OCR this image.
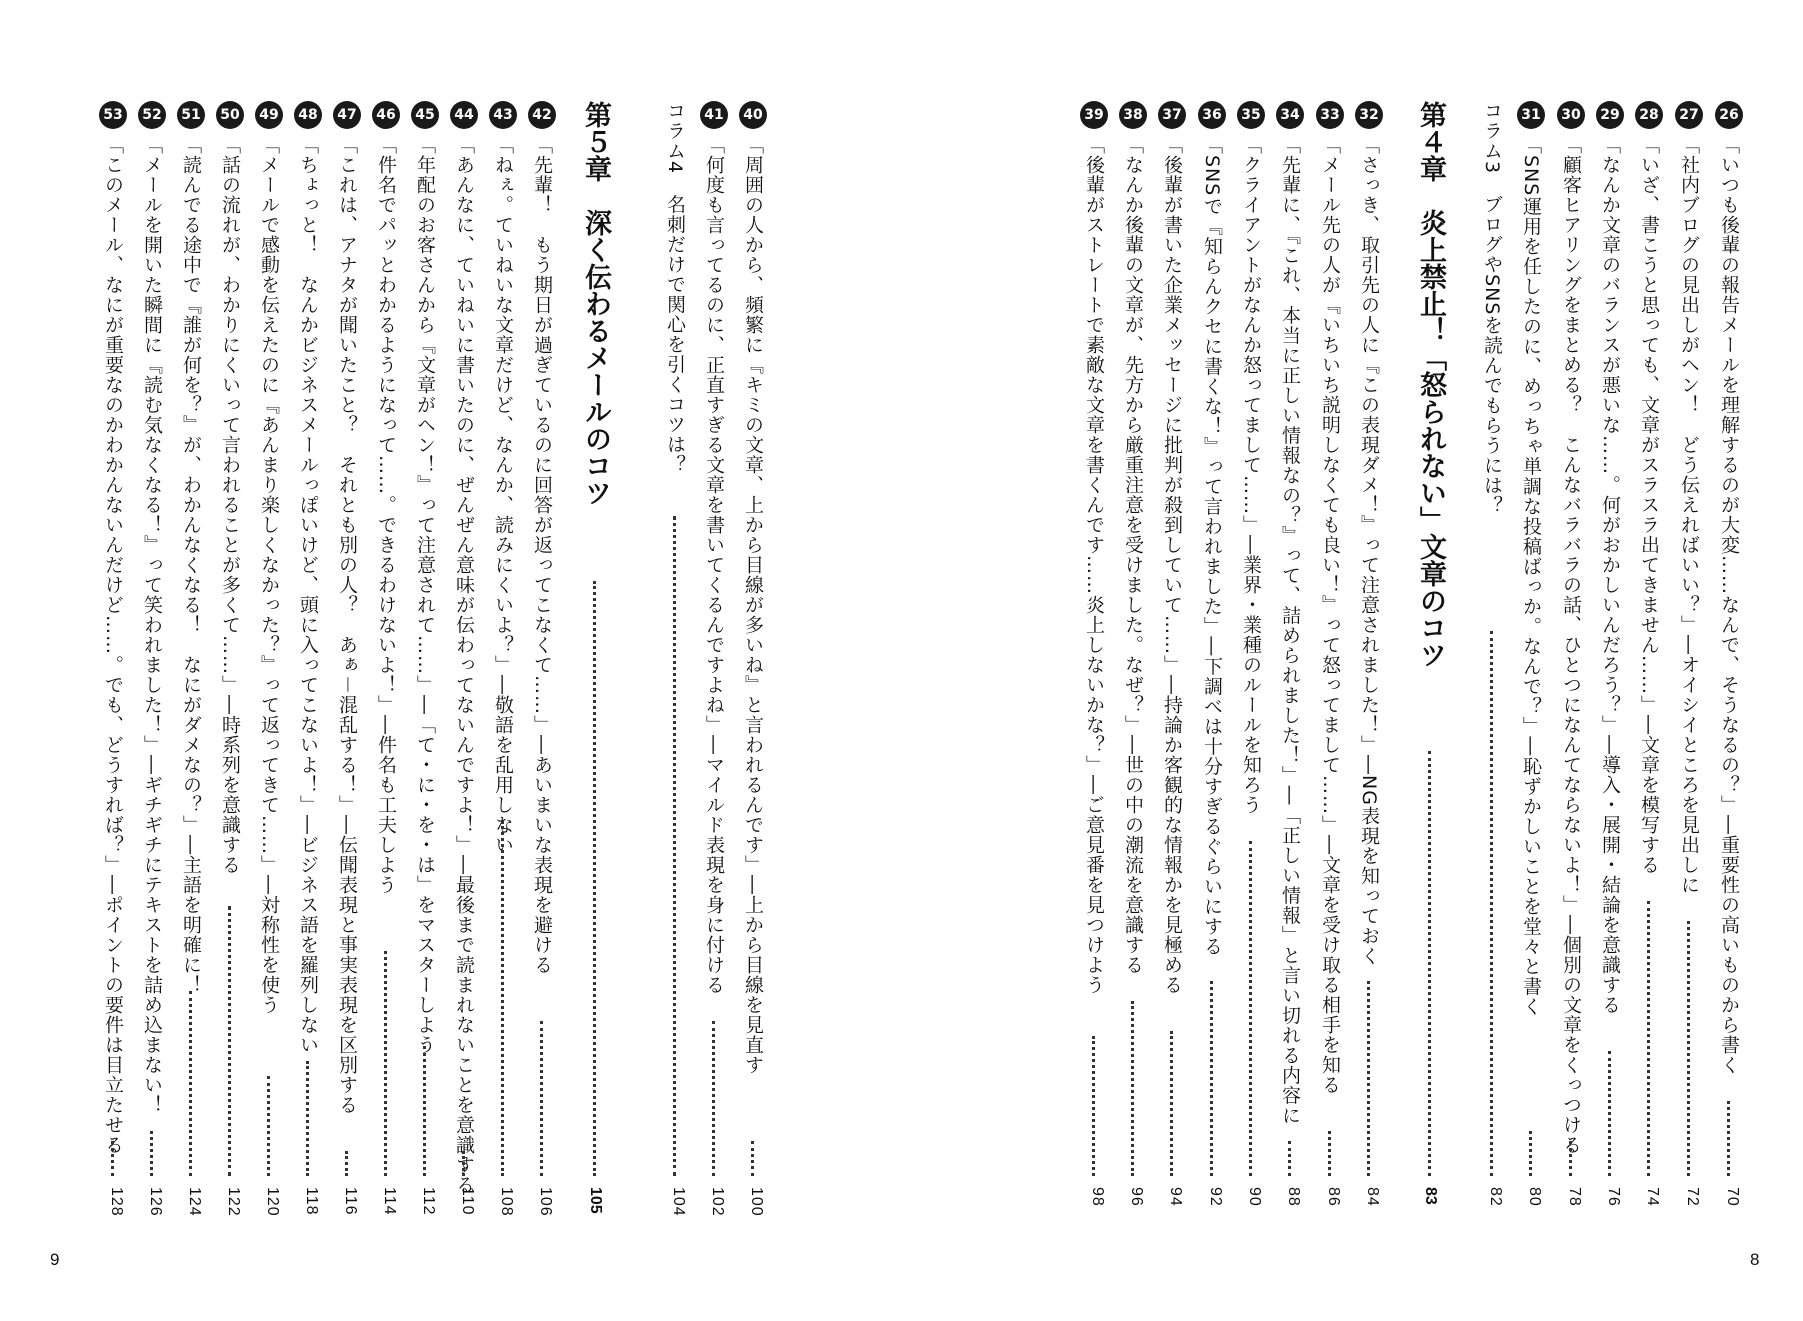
26
「いつも後輩の報告メールを理解するのが大変……なんで、そうなるの？」―重要性の高いものから書く
70
27
「社内ブログの見出しがヘン！　どう伝えればいい？」―オイシイところを見出しに
72
28
「いざ、書こうと思っても、文章がスラスラ出てきません……」―文章を模写する
74
29
「なんか文章のバランスが悪いな……。何がおかしいんだろう？」―導入・展開・結論を意識する
76
30
「顧客ヒアリングをまとめる？　こんなバラバラの話、ひとつになんてならないよ！」―個別の文章をくっつける
78
31
「SNS運用を任したのに、めっちゃ単調な投稿ばっか。なんで？」―恥ずかしいことを堂々と書く
80
コラム3　ブログやSNSを読んでもらうには？
82
第４章　炎上禁止！「怒られない」文章のコツ
83
32
「さっき、取引先の人に『この表現ダメ！』って注意されました！」―NG表現を知っておく
84
33
「メール先の人が『いちいち説明しなくても良い！』って怒ってまして……」―文章を受け取る相手を知る
86
34
「先輩に、『これ、本当に正しい情報なの？』って、詰められました！」―「正しい情報」と言い切れる内容に
88
35
「クライアントがなんか怒ってまして……」―業界・業種のルールを知ろう
90
36
「SNSで『知らんクセに書くな！』って言われました」―下調べは十分すぎるぐらいにする
92
37
「後輩が書いた企業メッセージに批判が殺到していて……」―持論か客観的な情報かを見極める
94
38
「なんか後輩の文章が、先方から厳重注意を受けました。なぜ？」―世の中の潮流を意識する
96
39
「後輩がストレートで素敵な文章を書くんです……炎上しないかな？」―ご意見番を見つけよう
98
8
40
「周囲の人から、頻繁に『キミの文章、上から目線が多いね』と言われるんです」―上から目線を見直す
100
41
「何度も言ってるのに、正直すぎる文章を書いてくるんですよね」―マイルド表現を身に付ける
102
コラム4　名刺だけで関心を引くコツは？
104
第５章　深く伝わるメールのコツ
105
42
「先輩！　もう期日が過ぎているのに回答が返ってこなくて……」―あいまいな表現を避ける
106
43
「ねぇ。ていねいな文章だけど、なんか、読みにくいよ？」―敬語を乱用しない
108
44
「あんなに、ていねいに書いたのに、ぜんぜん意味が伝わってないんですよ！」―最後まで読まれないことを意識する
110
45
「年配のお客さんから『文章がヘン！』って注意されて……」―「て・に・を・は」をマスターしよう
112
46
「件名でパッとわかるようになって……。できるわけないよ！」―件名も工夫しよう
114
47
「これは、アナタが聞いたこと？　それとも別の人？　あぁ－混乱する！」―伝聞表現と事実表現を区別する
116
48
「ちょっと！　なんかビジネスメールっぽいけど、頭に入ってこないよ！」―ビジネス語を羅列しない
118
49
「メールで感動を伝えたのに『あんまり楽しくなかった？』って返ってきて……」―対称性を使う
120
50
「話の流れが、わかりにくいって言われることが多くて……」―時系列を意識する
122
51
「読んでる途中で『誰が何を？』が、わかんなくなる！　なにがダメなの？」―主語を明確に！
124
52
「メールを開いた瞬間に『読む気なくなる！』って笑われました！」―ギチギチにテキストを詰め込まない！
126
53
「このメール、なにが重要なのかわかんないんだけど……。でも、どうすれば？」―ポイントの要件は目立たせる
128
9
